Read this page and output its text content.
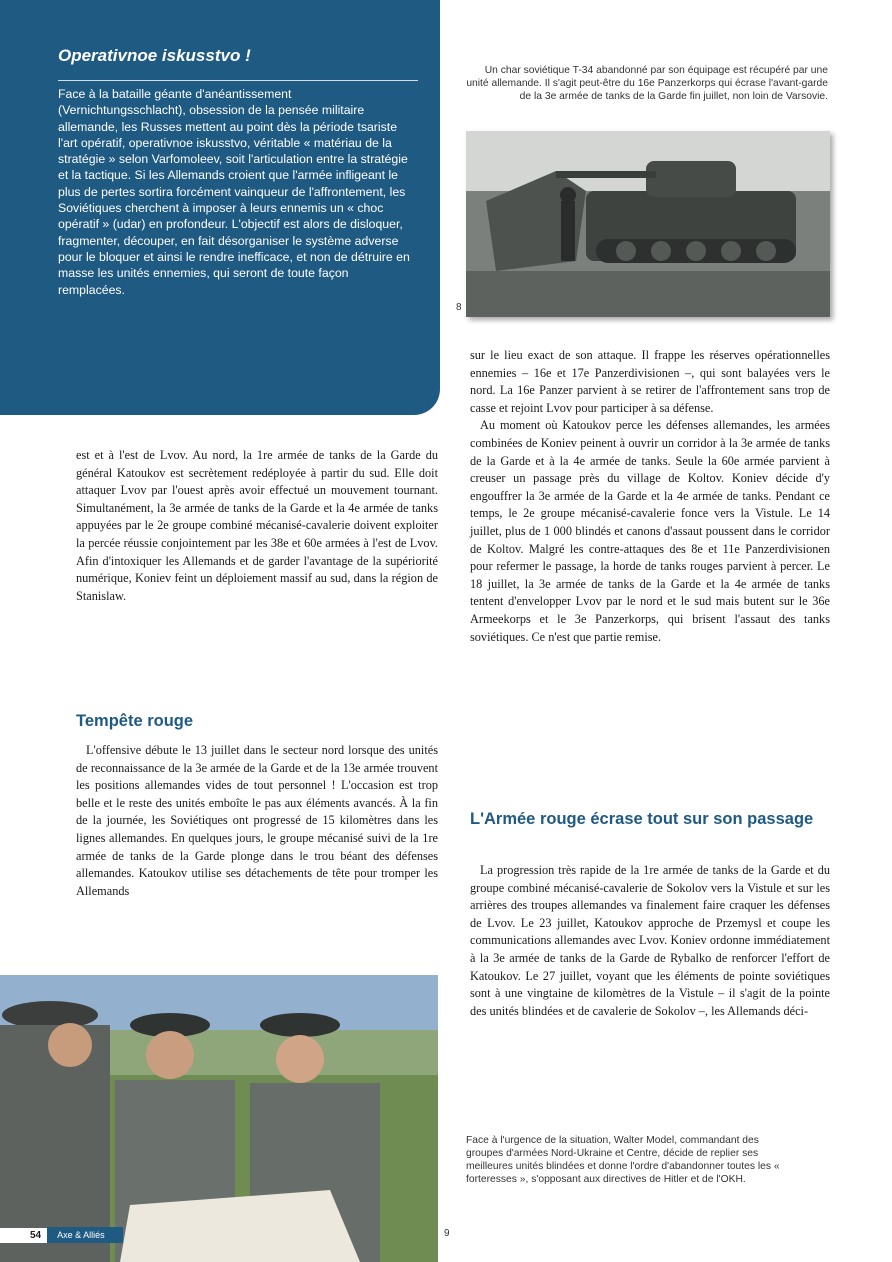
Operativnoe iskusstvo !

Face à la bataille géante d'anéantissement (Vernichtungsschlacht), obsession de la pensée militaire allemande, les Russes mettent au point dès la période tsariste l'art opératif, operativnoe iskusstvo, véritable « matériau de la stratégie » selon Varfomoleev, soit l'articulation entre la stratégie et la tactique. Si les Allemands croient que l'armée infligeant le plus de pertes sortira forcément vainqueur de l'affrontement, les Soviétiques cherchent à imposer à leurs ennemis un « choc opératif » (udar) en profondeur. L'objectif est alors de disloquer, fragmenter, découper, en fait désorganiser le système adverse pour le bloquer et ainsi le rendre inefficace, et non de détruire en masse les unités ennemies, qui seront de toute façon remplacées.

Un char soviétique T-34 abandonné par son équipage est récupéré par une unité allemande. Il s'agit peut-être du 16e Panzerkorps qui écrase l'avant-garde de la 3e armée de tanks de la Garde fin juillet, non loin de Varsovie.
8

sur le lieu exact de son attaque. Il frappe les réserves opérationnelles ennemies – 16e et 17e Panzerdivisionen –, qui sont balayées vers le nord. La 16e Panzer parvient à se retirer de l'affrontement sans trop de casse et rejoint Lvov pour participer à sa défense.

Au moment où Katoukov perce les défenses allemandes, les armées combinées de Koniev peinent à ouvrir un corridor à la 3e armée de tanks de la Garde et à la 4e armée de tanks. Seule la 60e armée parvient à creuser un passage près du village de Koltov. Koniev décide d'y engouffrer la 3e armée de la Garde et la 4e armée de tanks. Pendant ce temps, le 2e groupe mécanisé-cavalerie fonce vers la Vistule. Le 14 juillet, plus de 1 000 blindés et canons d'assaut poussent dans le corridor de Koltov. Malgré les contre-attaques des 8e et 11e Panzerdivisionen pour refermer le passage, la horde de tanks rouges parvient à percer. Le 18 juillet, la 3e armée de tanks de la Garde et la 4e armée de tanks tentent d'envelopper Lvov par le nord et le sud mais butent sur le 36e Armeekorps et le 3e Panzerkorps, qui brisent l'assaut des tanks soviétiques. Ce n'est que partie remise.

est et à l'est de Lvov. Au nord, la 1re armée de tanks de la Garde du général Katoukov est secrètement redéployée à partir du sud. Elle doit attaquer Lvov par l'ouest après avoir effectué un mouvement tournant. Simultanément, la 3e armée de tanks de la Garde et la 4e armée de tanks appuyées par le 2e groupe combiné mécanisé-cavalerie doivent exploiter la percée réussie conjointement par les 38e et 60e armées à l'est de Lvov. Afin d'intoxiquer les Allemands et de garder l'avantage de la supériorité numérique, Koniev feint un déploiement massif au sud, dans la région de Stanislaw.

Tempête rouge

L'offensive débute le 13 juillet dans le secteur nord lorsque des unités de reconnaissance de la 3e armée de la Garde et de la 13e armée trouvent les positions allemandes vides de tout personnel ! L'occasion est trop belle et le reste des unités emboîte le pas aux éléments avancés. À la fin de la journée, les Soviétiques ont progressé de 15 kilomètres dans les lignes allemandes. En quelques jours, le groupe mécanisé suivi de la 1re armée de tanks de la Garde plonge dans le trou béant des défenses allemandes. Katoukov utilise ses détachements de tête pour tromper les Allemands

L'Armée rouge écrase tout sur son passage

La progression très rapide de la 1re armée de tanks de la Garde et du groupe combiné mécanisé-cavalerie de Sokolov vers la Vistule et sur les arrières des troupes allemandes va finalement faire craquer les défenses de Lvov. Le 23 juillet, Katoukov approche de Przemysl et coupe les communications allemandes avec Lvov. Koniev ordonne immédiatement à la 3e armée de tanks de la Garde de Rybalko de renforcer l'effort de Katoukov. Le 27 juillet, voyant que les éléments de pointe soviétiques sont à une vingtaine de kilomètres de la Vistule – il s'agit de la pointe des unités blindées et de cavalerie de Sokolov –, les Allemands déci-

Face à l'urgence de la situation, Walter Model, commandant des groupes d'armées Nord-Ukraine et Centre, décide de replier ses meilleures unités blindées et donne l'ordre d'abandonner toutes les « forteresses », s'opposant aux directives de Hitler et de l'OKH.
9
54	Axe & Alliés
